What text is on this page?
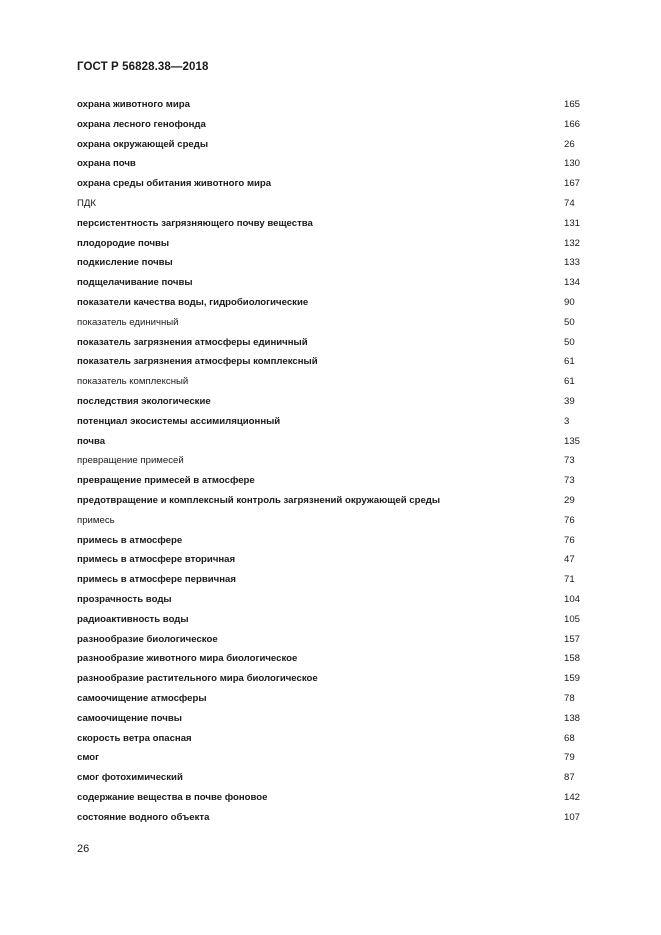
ГОСТ Р 56828.38—2018
охрана животного мира	165
охрана лесного генофонда	166
охрана окружающей среды	26
охрана почв	130
охрана среды обитания животного мира	167
ПДК	74
персистентность загрязняющего почву вещества	131
плодородие почвы	132
подкисление почвы	133
подщелачивание почвы	134
показатели качества воды, гидробиологические	90
показатель единичный	50
показатель загрязнения атмосферы единичный	50
показатель загрязнения атмосферы комплексный	61
показатель комплексный	61
последствия экологические	39
потенциал экосистемы ассимиляционный	3
почва	135
превращение примесей	73
превращение примесей в атмосфере	73
предотвращение и комплексный контроль загрязнений окружающей среды	29
примесь	76
примесь в атмосфере	76
примесь в атмосфере вторичная	47
примесь в атмосфере первичная	71
прозрачность воды	104
радиоактивность воды	105
разнообразие биологическое	157
разнообразие животного мира биологическое	158
разнообразие растительного мира биологическое	159
самоочищение атмосферы	78
самоочищение почвы	138
скорость ветра опасная	68
смог	79
смог фотохимический	87
содержание вещества в почве фоновое	142
состояние водного объекта	107
26
